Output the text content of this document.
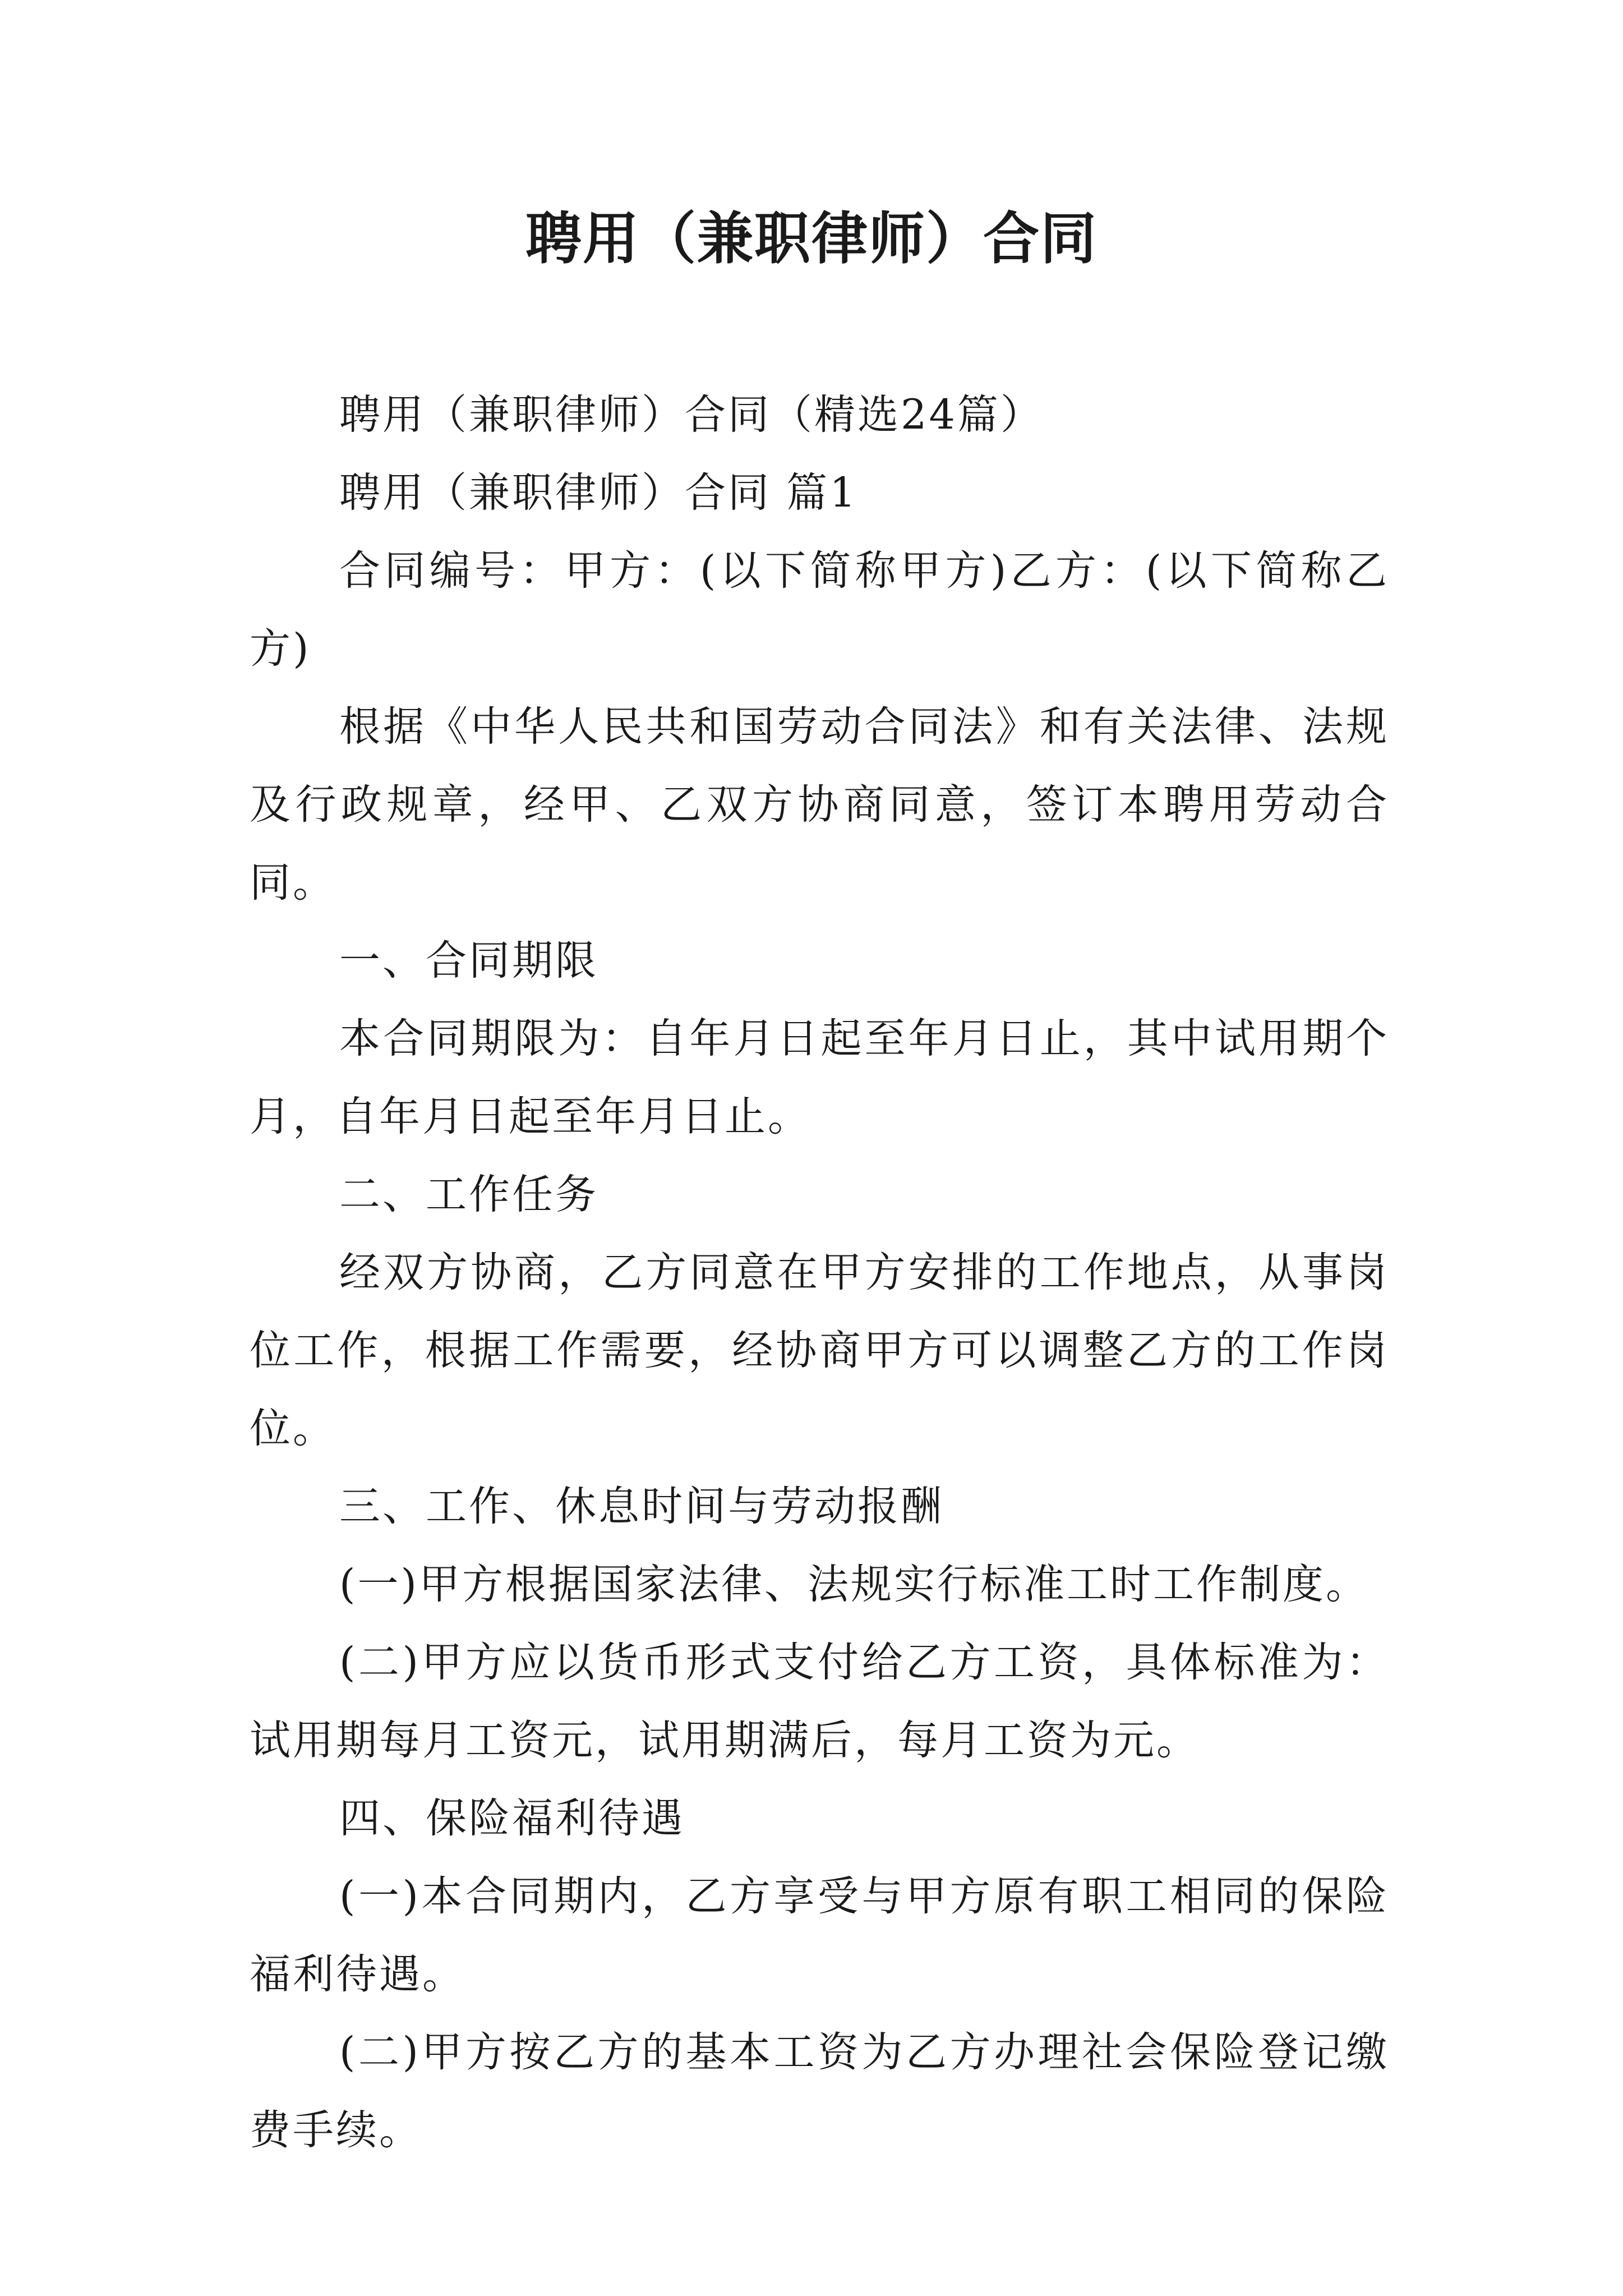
聘用（兼职律师）合同

聘用（兼职律师）合同（精选24篇）

聘用（兼职律师）合同 篇1

合同编号：甲方：(以下简称甲方)乙方：(以下简称乙方)

根据《中华人民共和国劳动合同法》和有关法律、法规及行政规章，经甲、乙双方协商同意，签订本聘用劳动合同。

一、合同期限

本合同期限为：自年月日起至年月日止，其中试用期个月，自年月日起至年月日止。

二、工作任务

经双方协商，乙方同意在甲方安排的工作地点，从事岗位工作，根据工作需要，经协商甲方可以调整乙方的工作岗位。

三、工作、休息时间与劳动报酬

(一)甲方根据国家法律、法规实行标准工时工作制度。

(二)甲方应以货币形式支付给乙方工资，具体标准为：试用期每月工资元，试用期满后，每月工资为元。

四、保险福利待遇

(一)本合同期内，乙方享受与甲方原有职工相同的保险福利待遇。

(二)甲方按乙方的基本工资为乙方办理社会保险登记缴费手续。
